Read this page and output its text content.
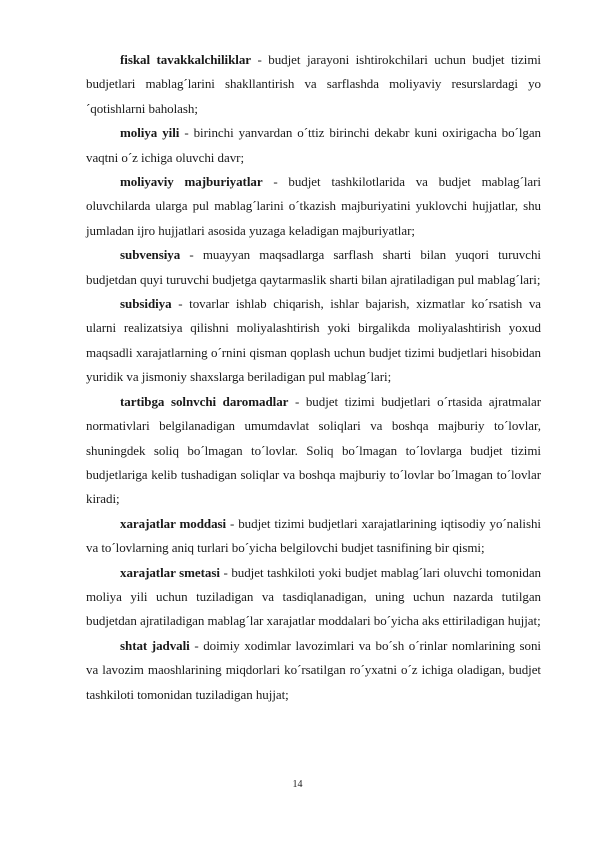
fiskal tavakkalchiliklar - budjet jarayoni ishtirokchilari uchun budjet tizimi budjetlari mablag´larini shakllantirish va sarflashda moliyaviy resurslardagi yo´qotishlarni baholash;

moliya yili - birinchi yanvardan o´ttiz birinchi dekabr kuni oxirigacha bo´lgan vaqtni o´z ichiga oluvchi davr;

moliyaviy majburiyatlar - budjet tashkilotlarida va budjet mablag´lari oluvchilarda ularga pul mablag´larini o´tkazish majburiyatini yuklovchi hujjatlar, shu jumladan ijro hujjatlari asosida yuzaga keladigan majburiyatlar;

subvensiya - muayyan maqsadlarga sarflash sharti bilan yuqori turuvchi budjetdan quyi turuvchi budjetga qaytarmaslik sharti bilan ajratiladigan pul mablag´lari;

subsidiya - tovarlar ishlab chiqarish, ishlar bajarish, xizmatlar ko´rsatish va ularni realizatsiya qilishni moliyalashtirish yoki birgalikda moliyalashtirish yoxud maqsadli xarajatlarning o´rnini qisman qoplash uchun budjet tizimi budjetlari hisobidan yuridik va jismoniy shaxslarga beriladigan pul mablag´lari;

tartibga solnvchi daromadlar - budjet tizimi budjetlari o´rtasida ajratmalar normativlari belgilanadigan umumdavlat soliqlari va boshqa majburiy to´lovlar, shuningdek soliq bo´lmagan to´lovlar. Soliq bo´lmagan to´lovlarga budjet tizimi budjetlariga kelib tushadigan soliqlar va boshqa majburiy to´lovlar bo´lmagan to´lovlar kiradi;

xarajatlar moddasi - budjet tizimi budjetlari xarajatlarining iqtisodiy yo´nalishi va to´lovlarning aniq turlari bo´yicha belgilovchi budjet tasnifining bir qismi;

xarajatlar smetasi - budjet tashkiloti yoki budjet mablag´lari oluvchi tomonidan moliya yili uchun tuziladigan va tasdiqlanadigan, uning uchun nazarda tutilgan budjetdan ajratiladigan mablag´lar xarajatlar moddalari bo´yicha aks ettiriladigan hujjat;

shtat jadvali - doimiy xodimlar lavozimlari va bo´sh o´rinlar nomlarining soni va lavozim maoshlarining miqdorlari ko´rsatilgan ro´yxatni o´z ichiga oladigan, budjet tashkiloti tomonidan tuziladigan hujjat;

14
